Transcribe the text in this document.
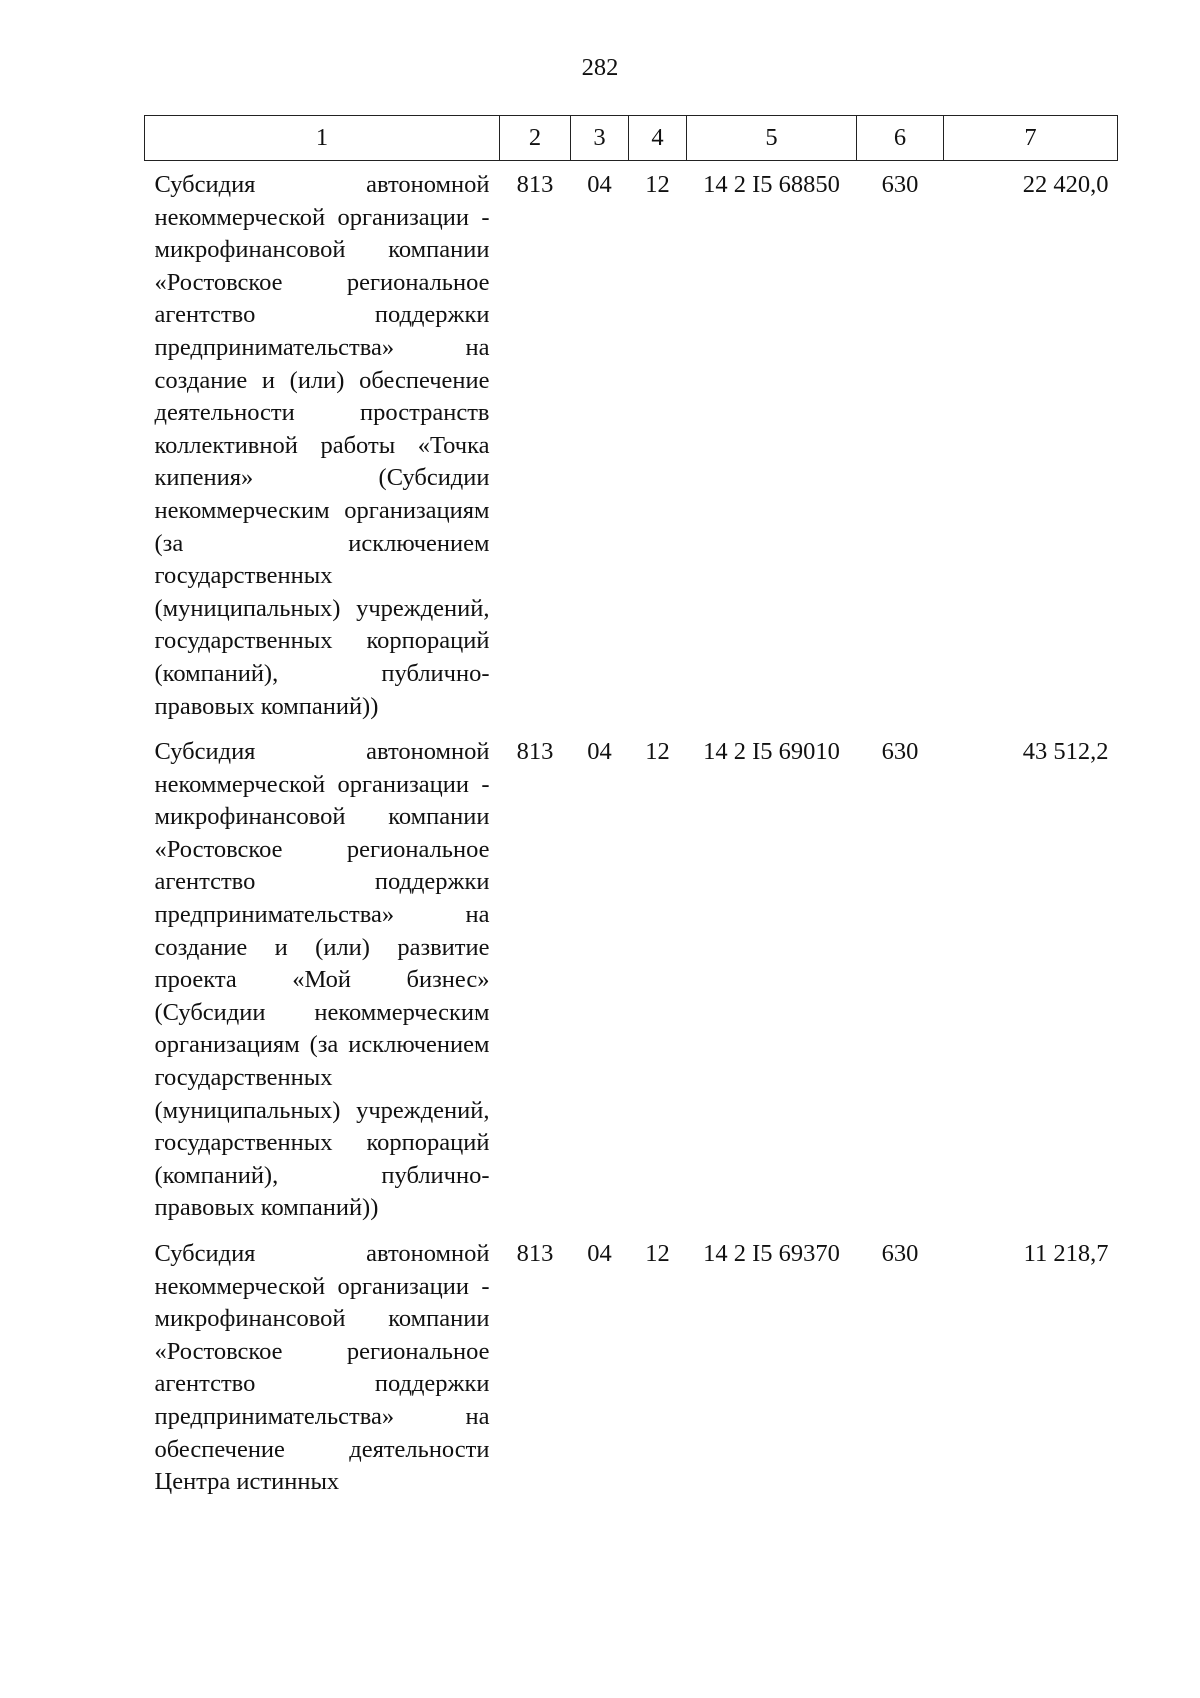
282
1	2	3	4	5	6	7

Субсидия автономной некоммерческой организации - микрофинансовой компании «Ростовское региональное агентство поддержки предпринимательства» на создание и (или) обеспечение деятельности пространств коллективной работы «Точка кипения» (Субсидии некоммерческим организациям (за исключением государственных (муниципальных) учреждений, государственных корпораций (компаний), публично-правовых компаний))	813	04	12	14 2 I5 68850	630	22 420,0

Субсидия автономной некоммерческой организации - микрофинансовой компании «Ростовское региональное агентство поддержки предпринимательства» на создание и (или) развитие проекта «Мой бизнес» (Субсидии некоммерческим организациям (за исключением государственных (муниципальных) учреждений, государственных корпораций (компаний), публично-правовых компаний))	813	04	12	14 2 I5 69010	630	43 512,2

Субсидия автономной некоммерческой организации - микрофинансовой компании «Ростовское региональное агентство поддержки предпринимательства» на обеспечение деятельности Центра истинных	813	04	12	14 2 I5 69370	630	11 218,7
